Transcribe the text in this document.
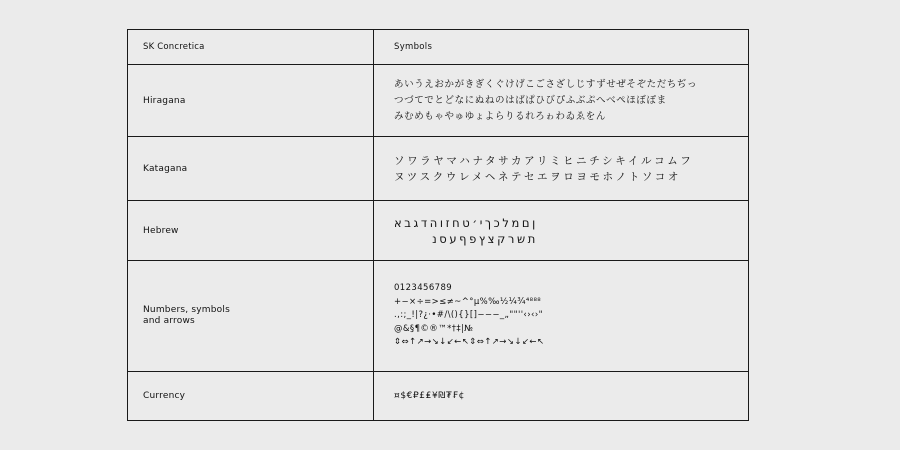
SK Concretica	Symbols
Hiragana
あいうえおかがきぎくぐけげこごさざしじすずせぜそぞただちぢっ
つづてでとどなにぬねのはばぱひびぴふぶぷへべぺほぼぽま
みむめもゃやゅゆょよらりるれろゎわゐゑをん
Katagana
ソワラヤマハナタサカアリミヒニチシキイルコムフ
ヌツスクウレメヘネテセエヲロヨモホノトソコオ
Hebrew
ןםמלכךי׳טחזוהדגבא
תשרקצץפףעסנ
Numbers, symbols
and arrows
0123456789
+−×÷=>≤≠~^°µ%‰½¼¾⁴⁸⁸⁸
.,:;_!|?¿·•#/\(){}[]−−−_„""''‹›‹›"
@&§¶©®™*†‡|№
⇕⇔↑↗→↘↓↙←↖⇕⇔↑↗→↘↓↙←↖
Currency	¤$€₽£₤¥₪₮₣¢
